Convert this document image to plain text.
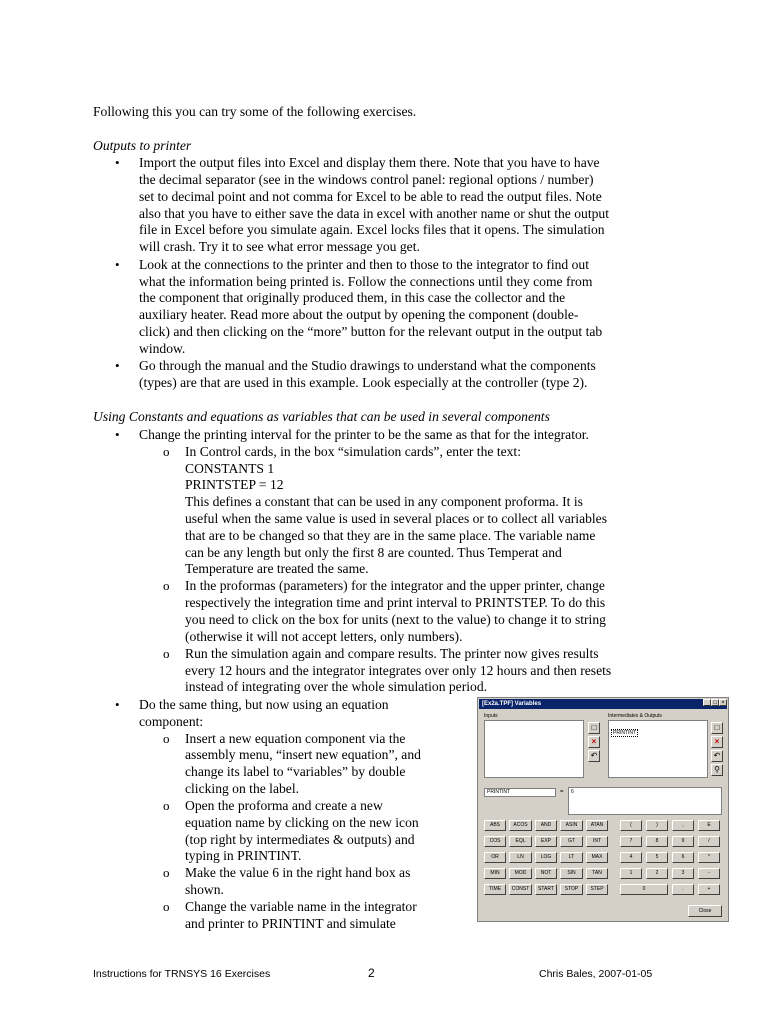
Following this you can try some of the following exercises.
Outputs to printer
• Import the output files into Excel and display them there. Note that you have to have
the decimal separator (see in the windows control panel: regional options / number)
set to decimal point and not comma for Excel to be able to read the output files. Note
also that you have to either save the data in excel with another name or shut the output
file in Excel before you simulate again. Excel locks files that it opens. The simulation
will crash. Try it to see what error message you get.
• Look at the connections to the printer and then to those to the integrator to find out
what the information being printed is. Follow the connections until they come from
the component that originally produced them, in this case the collector and the
auxiliary heater. Read more about the output by opening the component (double-
click) and then clicking on the “more” button for the relevant output in the output tab
window.
• Go through the manual and the Studio drawings to understand what the components
(types) are that are used in this example. Look especially at the controller (type 2).
Using Constants and equations as variables that can be used in several components
• Change the printing interval for the printer to be the same as that for the integrator.
o In Control cards, in the box “simulation cards”, enter the text:
CONSTANTS 1
PRINTSTEP = 12
This defines a constant that can be used in any component proforma. It is
useful when the same value is used in several places or to collect all variables
that are to be changed so that they are in the same place. The variable name
can be any length but only the first 8 are counted. Thus Temperat and
Temperature are treated the same.
o In the proformas (parameters) for the integrator and the upper printer, change
respectively the integration time and print interval to PRINTSTEP. To do this
you need to click on the box for units (next to the value) to change it to string
(otherwise it will not accept letters, only numbers).
o Run the simulation again and compare results. The printer now gives results
every 12 hours and the integrator integrates over only 12 hours and then resets
instead of integrating over the whole simulation period.
• Do the same thing, but now using an equation
component:
o Insert a new equation component via the
assembly menu, “insert new equation”, and
change its label to “variables” by double
clicking on the label.
o Open the proforma and create a new
equation name by clicking on the new icon
(top right by intermediates & outputs) and
typing in PRINTINT.
o Make the value 6 in the right hand box as
shown.
o Change the variable name in the integrator
and printer to PRINTINT and simulate
[Ex2a.TPF] Variables	_ □ ×
Inputs
□
×
↶
Intermediates & Outputs
PRINTINT
□
×
↶
⚲
PRINTINT	=	6
ABS	ACOS	AND	ASIN	ATAN
COS	EQL	EXP	GT	INT
OR	LN	LOG	LT	MAX
MIN	MOD	NOT	SIN	TAN
TIME	CONST	START	STOP	STEP
(	)	,	E
7	8	9	/
4	5	6	*
1	2	3	-
0	.	+
Close
Instructions for TRNSYS 16 Exercises	2	Chris Bales, 2007-01-05
